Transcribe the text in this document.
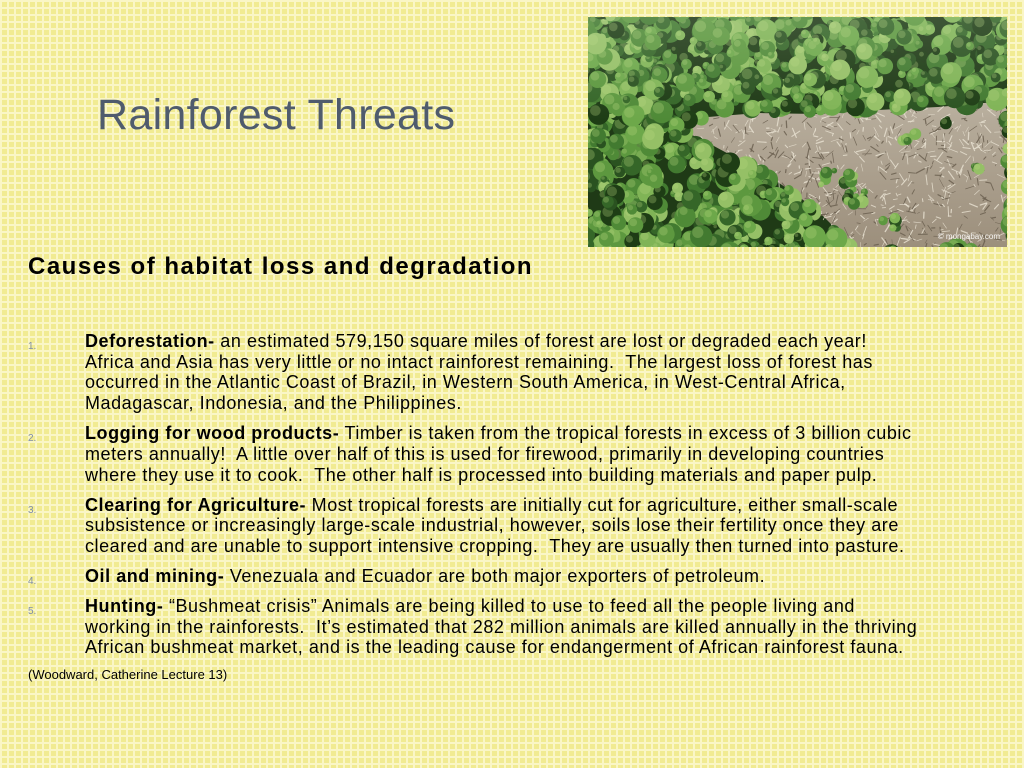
Rainforest Threats
© mongabay.com
Causes of habitat loss and degradation
1.	Deforestation- an estimated 579,150 square miles of forest are lost or degraded each year!
Africa and Asia has very little or no intact rainforest remaining.  The largest loss of forest has
occurred in the Atlantic Coast of Brazil, in Western South America, in West-Central Africa,
Madagascar, Indonesia, and the Philippines.
2.	Logging for wood products- Timber is taken from the tropical forests in excess of 3 billion cubic
meters annually!  A little over half of this is used for firewood, primarily in developing countries
where they use it to cook.  The other half is processed into building materials and paper pulp.
3.	Clearing for Agriculture- Most tropical forests are initially cut for agriculture, either small-scale
subsistence or increasingly large-scale industrial, however, soils lose their fertility once they are
cleared and are unable to support intensive cropping.  They are usually then turned into pasture.
4.	Oil and mining- Venezuala and Ecuador are both major exporters of petroleum.
5.	Hunting- “Bushmeat crisis” Animals are being killed to use to feed all the people living and
working in the rainforests.  It’s estimated that 282 million animals are killed annually in the thriving
African bushmeat market, and is the leading cause for endangerment of African rainforest fauna.

(Woodward, Catherine Lecture 13)
